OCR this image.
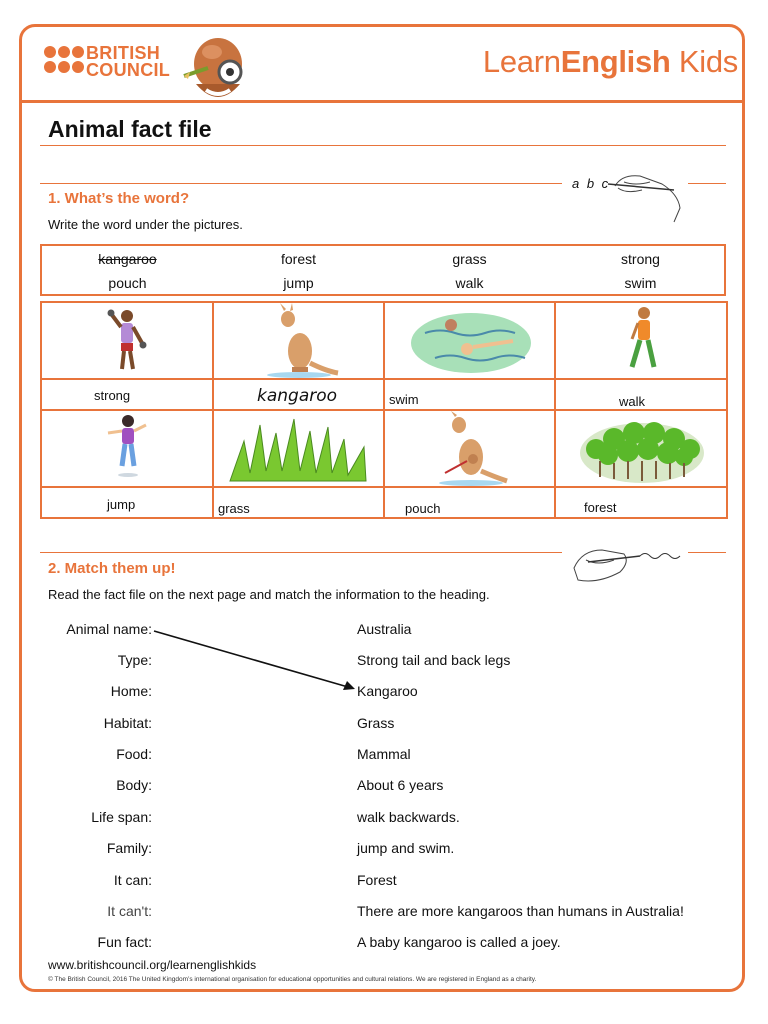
BRITISH
COUNCIL	LearnEnglish Kids
Animal fact file
1. What’s the word?
Write the word under the pictures.
a b c
kangaroo	forest	grass	strong
pouch	jump	walk	swim
strong	kangaroo	swim	walk
jump	grass	pouch	forest
2. Match them up!
Read the fact file on the next page and match the information to the heading.
Animal name:	Australia
Type:	Strong tail and back legs
Home:	Kangaroo
Habitat:	Grass
Food:	Mammal
Body:	About 6 years
Life span:	walk backwards.
Family:	jump and swim.
It can:	Forest
It can't:	There are more kangaroos than humans in Australia!
Fun fact:	A baby kangaroo is called a joey.
www.britishcouncil.org/learnenglishkids
© The British Council, 2016 The United Kingdom’s international organisation for educational opportunities and cultural relations. We are registered in England as a charity.
